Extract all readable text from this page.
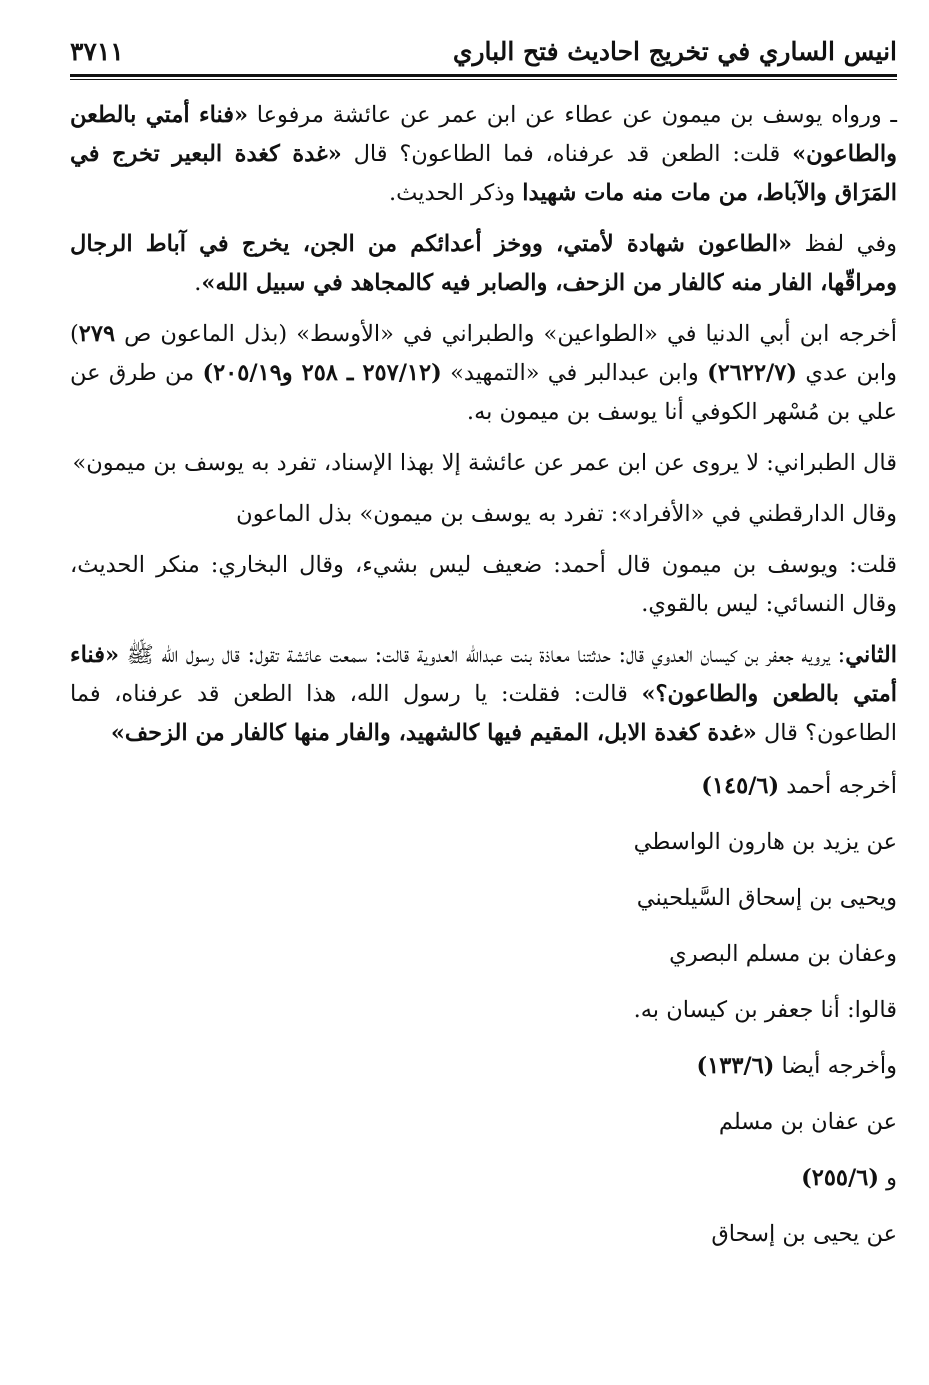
انيس الساري في تخريج احاديث فتح الباري
٣٧١١

ـ ورواه يوسف بن ميمون عن عطاء عن ابن عمر عن عائشة مرفوعا «فناء أمتي بالطعن والطاعون» قلت: الطعن قد عرفناه، فما الطاعون؟ قال «غدة كغدة البعير تخرج في المَرَاق والآباط، من مات منه مات شهيدا وذكر الحديث.

وفي لفظ «الطاعون شهادة لأمتي، ووخز أعدائكم من الجن، يخرج في آباط الرجال ومراقّها، الفار منه كالفار من الزحف، والصابر فيه كالمجاهد في سبيل الله».

أخرجه ابن أبي الدنيا في «الطواعين» والطبراني في «الأوسط» (بذل الماعون ص ٢٧٩) وابن عدي (٢٦٢٢/٧) وابن عبدالبر في «التمهيد» (٢٥٧/١٢ ـ ٢٥٨ و٢٠٥/١٩) من طرق عن علي بن مُسْهر الكوفي أنا يوسف بن ميمون به.

قال الطبراني: لا يروى عن ابن عمر عن عائشة إلا بهذا الإسناد، تفرد به يوسف بن ميمون»

وقال الدارقطني في «الأفراد»: تفرد به يوسف بن ميمون» بذل الماعون

قلت: ويوسف بن ميمون قال أحمد: ضعيف ليس بشيء، وقال البخاري: منكر الحديث، وقال النسائي: ليس بالقوي.

الثاني: يرويه جعفر بن كيسان العدوي قال: حدثتنا معاذة بنت عبدالله العدوية قالت: سمعت عائشة تقول: قال رسول الله ﷺ «فناء أمتي بالطعن والطاعون؟» قالت: فقلت: يا رسول الله، هذا الطعن قد عرفناه، فما الطاعون؟ قال «غدة كغدة الابل، المقيم فيها كالشهيد، والفار منها كالفار من الزحف»

أخرجه أحمد (١٤٥/٦)

عن يزيد بن هارون الواسطي

ويحيى بن إسحاق السَّيلحيني

وعفان بن مسلم البصري

قالوا: أنا جعفر بن كيسان به.

وأخرجه أيضا (١٣٣/٦)

عن عفان بن مسلم

و (٢٥٥/٦)

عن يحيى بن إسحاق
